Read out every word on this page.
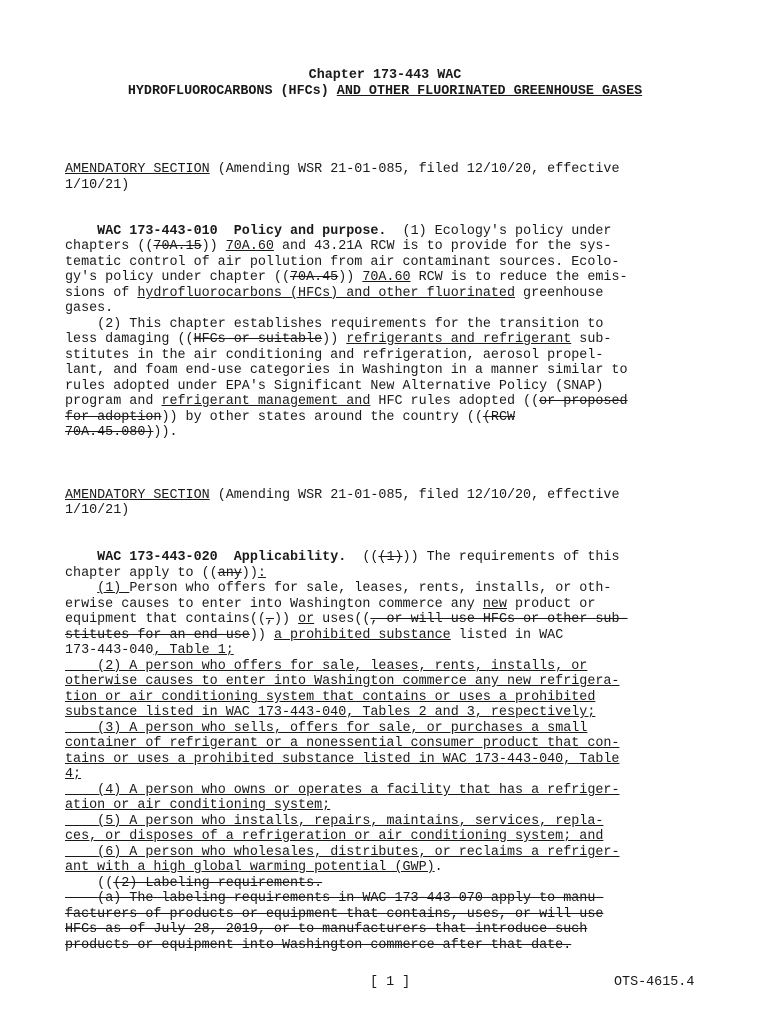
Chapter 173-443 WAC
HYDROFLUOROCARBONS (HFCs) AND OTHER FLUORINATED GREENHOUSE GASES
AMENDATORY SECTION (Amending WSR 21-01-085, filed 12/10/20, effective
1/10/21)
WAC 173-443-010  Policy and purpose. (1) Ecology's policy under
chapters ((70A.15)) 70A.60 and 43.21A RCW is to provide for the sys-
tematic control of air pollution from air contaminant sources. Ecolo-
gy's policy under chapter ((70A.45)) 70A.60 RCW is to reduce the emis-
sions of hydrofluorocarbons (HFCs) and other fluorinated greenhouse
gases.
(2) This chapter establishes requirements for the transition to
less damaging ((HFCs or suitable)) refrigerants and refrigerant sub-
stitutes in the air conditioning and refrigeration, aerosol propel-
lant, and foam end-use categories in Washington in a manner similar to
rules adopted under EPA's Significant New Alternative Policy (SNAP)
program and refrigerant management and HFC rules adopted ((or proposed
for adoption)) by other states around the country (((RCW
70A.45.080))).
AMENDATORY SECTION (Amending WSR 21-01-085, filed 12/10/20, effective
1/10/21)
WAC 173-443-020  Applicability. (((1))) The requirements of this
chapter apply to ((any)):
(1) Person who offers for sale, leases, rents, installs, or oth-
erwise causes to enter into Washington commerce any new product or
equipment that contains((,)) or uses((, or will use HFCs or other sub-
stitutes for an end-use)) a prohibited substance listed in WAC
173-443-040, Table 1;
(2) A person who offers for sale, leases, rents, installs, or
otherwise causes to enter into Washington commerce any new refrigera-
tion or air conditioning system that contains or uses a prohibited
substance listed in WAC 173-443-040, Tables 2 and 3, respectively;
(3) A person who sells, offers for sale, or purchases a small
container of refrigerant or a nonessential consumer product that con-
tains or uses a prohibited substance listed in WAC 173-443-040, Table
4;
(4) A person who owns or operates a facility that has a refriger-
ation or air conditioning system;
(5) A person who installs, repairs, maintains, services, repla-
ces, or disposes of a refrigeration or air conditioning system; and
(6) A person who wholesales, distributes, or reclaims a refriger-
ant with a high global warming potential (GWP).
(((2) Labeling requirements.
(a) The labeling requirements in WAC 173-443-070 apply to manu-
facturers of products or equipment that contains, uses, or will use
HFCs as of July 28, 2019, or to manufacturers that introduce such
products or equipment into Washington commerce after that date.
[ 1 ]	OTS-4615.4
